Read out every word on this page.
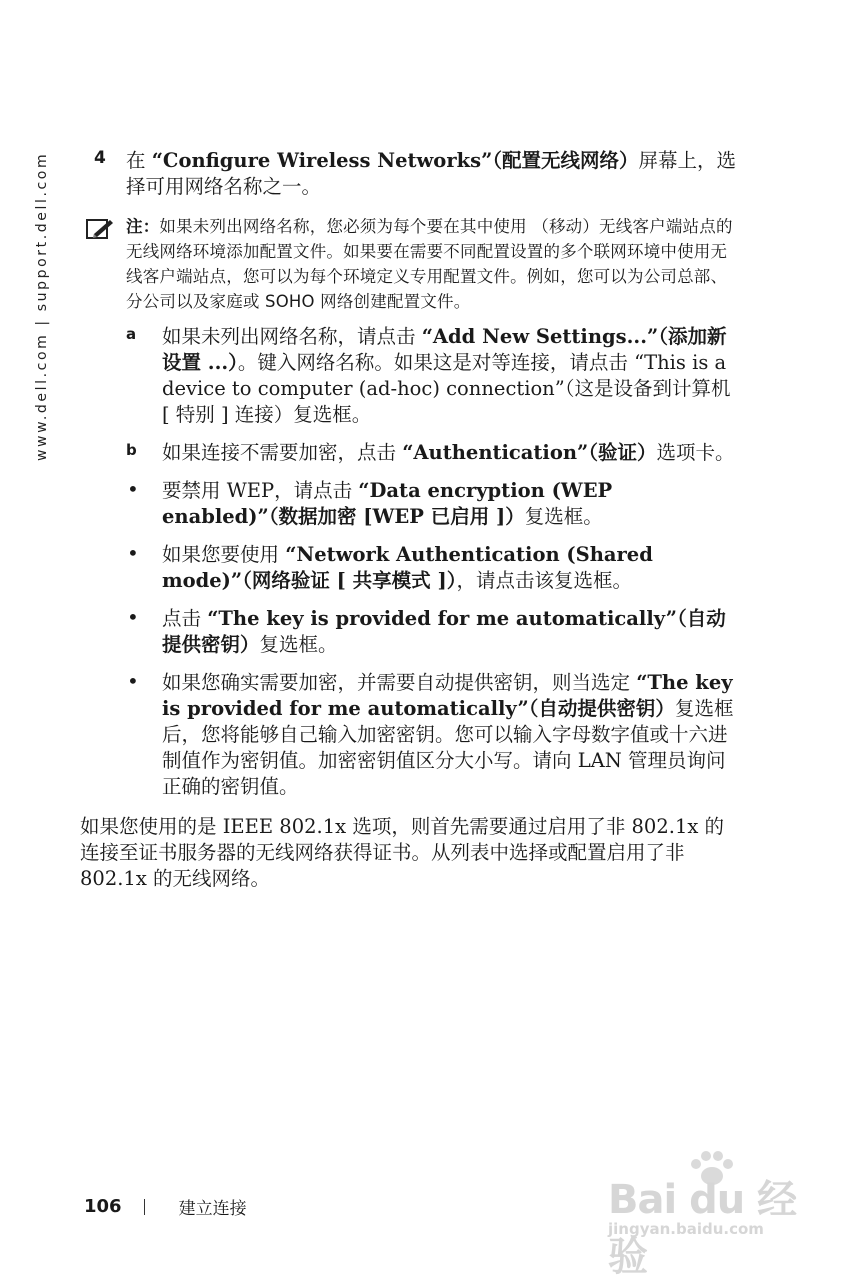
www.dell.com | support.dell.com	4 在 “Configure Wireless Networks”（配置无线网络）屏幕上，选择可用网络名称之一。

注：如果未列出网络名称，您必须为每个要在其中使用 （移动）无线客户端站点的无线网络环境添加配置文件。如果要在需要不同配置设置的多个联网环境中使用无线客户端站点，您可以为每个环境定义专用配置文件。例如，您可以为公司总部、分公司以及家庭或 SOHO 网络创建配置文件。

a 如果未列出网络名称，请点击 “Add New Settings...”（添加新设置 ...）。键入网络名称。如果这是对等连接，请点击 “This is a device to computer (ad-hoc) connection”（这是设备到计算机 [ 特别 ] 连接）复选框。

b 如果连接不需要加密，点击 “Authentication”（验证）选项卡。

• 要禁用 WEP，请点击 “Data encryption (WEP enabled)”（数据加密 [WEP 已启用 ]）复选框。

• 如果您要使用 “Network Authentication (Shared mode)”（网络验证 [ 共享模式 ]），请点击该复选框。

• 点击 “The key is provided for me automatically”（自动提供密钥）复选框。

• 如果您确实需要加密，并需要自动提供密钥，则当选定 “The key is provided for me automatically”（自动提供密钥）复选框后，您将能够自己输入加密密钥。您可以输入字母数字值或十六进制值作为密钥值。加密密钥值区分大小写。请向 LAN 管理员询问正确的密钥值。

如果您使用的是 IEEE 802.1x 选项，则首先需要通过启用了非 802.1x 的连接至证书服务器的无线网络获得证书。从列表中选择或配置启用了非 802.1x 的无线网络。

106	建立连接	Bai du 经验
jingyan.baidu.com
